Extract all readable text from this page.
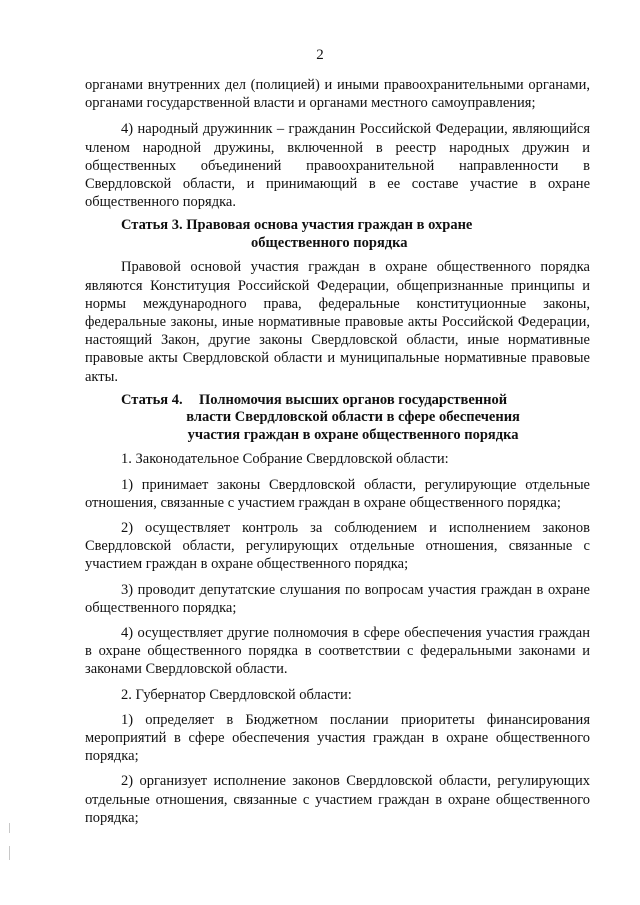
2

органами внутренних дел (полицией) и иными правоохранительными органами, органами государственной власти и органами местного самоуправления;

4) народный дружинник – гражданин Российской Федерации, являющийся членом народной дружины, включенной в реестр народных дружин и общественных объединений правоохранительной направленности в Свердловской области, и принимающий в ее составе участие в охране общественного порядка.

Статья 3. Правовая основа участия граждан в охране
общественного порядка

Правовой основой участия граждан в охране общественного порядка являются Конституция Российской Федерации, общепризнанные принципы и нормы международного права, федеральные конституционные законы, федеральные законы, иные нормативные правовые акты Российской Федерации, настоящий Закон, другие законы Свердловской области, иные нормативные правовые акты Свердловской области и муниципальные нормативные правовые акты.

Статья 4. Полномочия высших органов государственной
власти Свердловской области в сфере обеспечения
участия граждан в охране общественного порядка

1. Законодательное Собрание Свердловской области:

1) принимает законы Свердловской области, регулирующие отдельные отношения, связанные с участием граждан в охране общественного порядка;

2) осуществляет контроль за соблюдением и исполнением законов Свердловской области, регулирующих отдельные отношения, связанные с участием граждан в охране общественного порядка;

3) проводит депутатские слушания по вопросам участия граждан в охране общественного порядка;

4) осуществляет другие полномочия в сфере обеспечения участия граждан в охране общественного порядка в соответствии с федеральными законами и законами Свердловской области.

2. Губернатор Свердловской области:

1) определяет в Бюджетном послании приоритеты финансирования мероприятий в сфере обеспечения участия граждан в охране общественного порядка;

2) организует исполнение законов Свердловской области, регулирующих отдельные отношения, связанные с участием граждан в охране общественного порядка;
